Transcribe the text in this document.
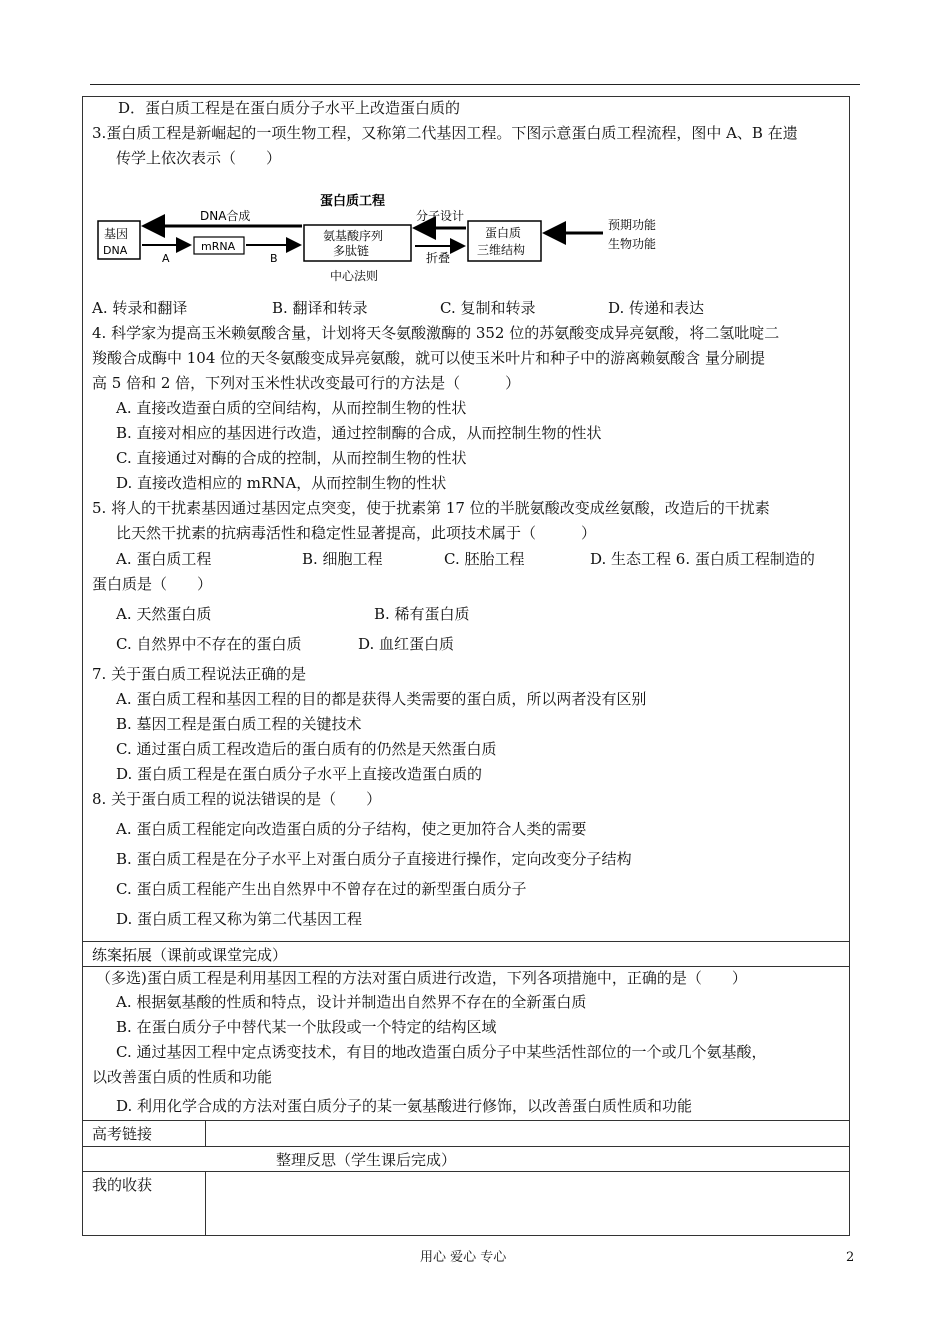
D．蛋白质工程是在蛋白质分子水平上改造蛋白质的
3.蛋白质工程是新崛起的一项生物工程，又称第二代基因工程。下图示意蛋白质工程流程，图中 A、B 在遗
传学上依次表示（　　）
蛋白质工程
基因
DNA
DNA合成
A
mRNA
B
氨基酸序列
多肽链
中心法则
分子设计
折叠
蛋白质
三维结构
预期功能
生物功能
A. 转录和翻译	B. 翻译和转录	C. 复制和转录	D. 传递和表达
4. 科学家为提高玉米赖氨酸含量，计划将天冬氨酸激酶的 352 位的苏氨酸变成异亮氨酸，将二氢吡啶二
羧酸合成酶中 104 位的天冬氨酸变成异亮氨酸，就可以使玉米叶片和种子中的游离赖氨酸含 量分刷提
高 5 倍和 2 倍，下列对玉米性状改变最可行的方法是（　　　）
A. 直接改造蚕白质的空间结构，从而控制生物的性状
B. 直接对相应的基因进行改造，通过控制酶的合成，从而控制生物的性状
C. 直接通过对酶的合成的控制，从而控制生物的性状
D. 直接改造相应的 mRNA，从而控制生物的性状
5. 将人的干扰素基因通过基因定点突变，使于扰素第 17 位的半胱氨酸改变成丝氨酸，改造后的干扰素
比天然干扰素的抗病毒活性和稳定性显著提高，此项技术属于（　　　）
A. 蛋白质工程	B. 细胞工程	C. 胚胎工程	D. 生态工程 6. 蛋白质工程制造的
蛋白质是（　　）
A. 天然蛋白质	B. 稀有蛋白质
C. 自然界中不存在的蛋白质	D. 血红蛋白质
7. 关于蛋白质工程说法正确的是
A. 蛋白质工程和基因工程的目的都是获得人类需要的蛋白质，所以两者没有区别
B. 墓因工程是蛋白质工程的关键技术
C. 通过蛋白质工程改造后的蛋白质有的仍然是天然蛋白质
D. 蛋白质工程是在蛋白质分子水平上直接改造蛋白质的
8. 关于蛋白质工程的说法错误的是（　　）
A. 蛋白质工程能定向改造蛋白质的分子结构，使之更加符合人类的需要
B. 蛋白质工程是在分子水平上对蛋白质分子直接进行操作，定向改变分子结构
C. 蛋白质工程能产生出自然界中不曾存在过的新型蛋白质分子
D. 蛋白质工程又称为第二代基因工程
练案拓展（课前或课堂完成）
（多选)蛋白质工程是利用基因工程的方法对蛋白质进行改造，下列各项措施中，正确的是（　　）
A. 根据氨基酸的性质和特点，设计并制造出自然界不存在的全新蛋白质
B. 在蛋白质分子中替代某一个肽段或一个特定的结构区域
C. 通过基因工程中定点诱变技术，有目的地改造蛋白质分子中某些活性部位的一个或几个氨基酸，
以改善蛋白质的性质和功能
D. 利用化学合成的方法对蛋白质分子的某一氨基酸进行修饰，以改善蛋白质性质和功能
高考链接
整理反思（学生课后完成）
我的收获
用心 爱心 专心	2
